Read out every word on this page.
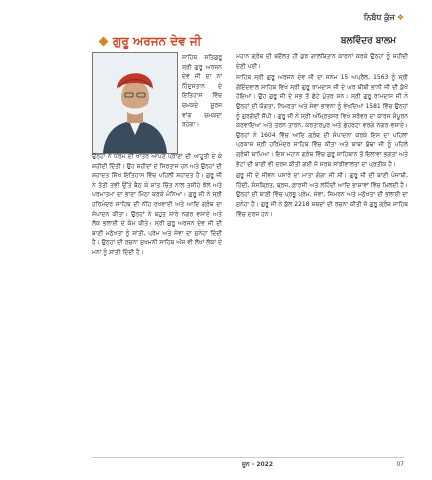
ਨਿਬੰਧ ਕੁੰਜ ❖
ਗੁਰੂ ਅਰਜਨ ਦੇਵ ਜੀ	ਬਲਵਿੰਦਰ ਬਾਲਮ

ਸਾਹਿਬ ਸਤਿਗੁਰੂ ਸ੍ਰੀ ਗੁਰੂ ਅਰਜਨ ਦੇਵ ਜੀ ਦਾ ਨਾਂ ਹਿੰਦੁਸਤਾਨ ਦੇ ਇਤਿਹਾਸ ਵਿੱਚ ਚਮਕਦੇ ਸੂਰਜ ਵਾਂਗ ਚਮਕਦਾ ਰਹੇਗਾ।

ਉਨ੍ਹਾਂ ਨੇ ਧਰਮ ਦੀ ਖਾਤਰ ਆਪਣੇ ਪ੍ਰਾਣਾਂ ਦੀ ਆਹੂਤੀ ਦੇ ਕੇ ਸ਼ਹੀਦੀ ਦਿੱਤੀ। ਉਹ ਸ਼ਹੀਦਾਂ ਦੇ ਸਿਰਤਾਜ ਹਨ ਅਤੇ ਉਨ੍ਹਾਂ ਦੀ ਸ਼ਹਾਦਤ ਸਿੱਖ ਇਤਿਹਾਸ ਵਿੱਚ ਪਹਿਲੀ ਸ਼ਹਾਦਤ ਹੈ। ਗੁਰੂ ਜੀ ਨੇ ਤੱਤੀ ਤਵੀ ਉੱਤੇ ਬੈਠ ਕੇ ਸ਼ਾਂਤ ਚਿੱਤ ਨਾਲ ਤਸੀਹੇ ਝੱਲੇ ਅਤੇ ਪਰਮਾਤਮਾ ਦਾ ਭਾਣਾ ਮਿੱਠਾ ਕਰਕੇ ਮੰਨਿਆ। ਗੁਰੂ ਜੀ ਨੇ ਸ੍ਰੀ ਹਰਿਮੰਦਰ ਸਾਹਿਬ ਦੀ ਨੀਂਹ ਰਖਵਾਈ ਅਤੇ ਆਦਿ ਗ੍ਰੰਥ ਦਾ ਸੰਪਾਦਨ ਕੀਤਾ। ਉਨ੍ਹਾਂ ਨੇ ਬਹੁਤ ਸਾਰੇ ਨਗਰ ਵਸਾਏ ਅਤੇ ਲੋਕ ਭਲਾਈ ਦੇ ਕੰਮ ਕੀਤੇ। ਸ੍ਰੀ ਗੁਰੂ ਅਰਜਨ ਦੇਵ ਜੀ ਦੀ ਬਾਣੀ ਮਨੁੱਖਤਾ ਨੂੰ ਸ਼ਾਂਤੀ, ਪ੍ਰੇਮ ਅਤੇ ਸੇਵਾ ਦਾ ਸੁਨੇਹਾ ਦਿੰਦੀ ਹੈ। ਉਨ੍ਹਾਂ ਦੀ ਰਚਨਾ ਸੁਖਮਨੀ ਸਾਹਿਬ ਅੱਜ ਵੀ ਲੱਖਾਂ ਲੋਕਾਂ ਦੇ ਮਨਾਂ ਨੂੰ ਸ਼ਾਂਤੀ ਦਿੰਦੀ ਹੈ।

ਮਹਾਨ ਗ੍ਰੰਥ ਦੀ ਬਦੌਲਤ ਹੀ ਕੁਝ ਗਾਲਬਿਤਾਨ ਕਾਰਨਾਂ ਕਰਕੇ ਉਨ੍ਹਾਂ ਨੂੰ ਸ਼ਹੀਦੀ ਦੇਣੀ ਪਈ।

ਸਾਹਿਬ ਸ੍ਰੀ ਗੁਰੂ ਅਰਜਨ ਦੇਵ ਜੀ ਦਾ ਜਨਮ 15 ਅਪ੍ਰੈਲ, 1563 ਨੂੰ ਸ੍ਰੀ ਗੋਇੰਦਵਾਲ ਸਾਹਿਬ ਵਿਖੇ ਸ੍ਰੀ ਗੁਰੂ ਰਾਮਦਾਸ ਜੀ ਦੇ ਘਰ ਬੀਬੀ ਭਾਨੀ ਜੀ ਦੀ ਕੁੱਖੋਂ ਹੋਇਆ। ਉਹ ਗੁਰੂ ਜੀ ਦੇ ਸਭ ਤੋਂ ਛੋਟੇ ਪੁੱਤਰ ਸਨ। ਸ੍ਰੀ ਗੁਰੂ ਰਾਮਦਾਸ ਜੀ ਨੇ ਉਨ੍ਹਾਂ ਦੀ ਯੋਗਤਾ, ਨਿਮਰਤਾ ਅਤੇ ਸੇਵਾ ਭਾਵਨਾ ਨੂੰ ਵੇਖਦਿਆਂ 1581 ਵਿੱਚ ਉਨ੍ਹਾਂ ਨੂੰ ਗੁਰਗੱਦੀ ਸੌਂਪੀ। ਗੁਰੂ ਜੀ ਨੇ ਸ੍ਰੀ ਅੰਮ੍ਰਿਤਸਰ ਵਿਖੇ ਸਰੋਵਰ ਦਾ ਕਾਰਜ ਸੰਪੂਰਨ ਕਰਵਾਇਆ ਅਤੇ ਤਰਨ ਤਾਰਨ, ਕਰਤਾਰਪੁਰ ਅਤੇ ਛੇਹਰਟਾ ਵਰਗੇ ਨਗਰ ਵਸਾਏ। ਉਨ੍ਹਾਂ ਨੇ 1604 ਵਿੱਚ ਆਦਿ ਗ੍ਰੰਥ ਦੀ ਸੰਪਾਦਨਾ ਕਰਕੇ ਇਸ ਦਾ ਪਹਿਲਾ ਪ੍ਰਕਾਸ਼ ਸ੍ਰੀ ਹਰਿਮੰਦਰ ਸਾਹਿਬ ਵਿੱਚ ਕੀਤਾ ਅਤੇ ਬਾਬਾ ਬੁੱਢਾ ਜੀ ਨੂੰ ਪਹਿਲੇ ਗ੍ਰੰਥੀ ਥਾਪਿਆ। ਇਸ ਮਹਾਨ ਗ੍ਰੰਥ ਵਿੱਚ ਗੁਰੂ ਸਾਹਿਬਾਨ ਤੋਂ ਇਲਾਵਾ ਭਗਤਾਂ ਅਤੇ ਭੱਟਾਂ ਦੀ ਬਾਣੀ ਵੀ ਦਰਜ ਕੀਤੀ ਗਈ ਜੋ ਸਰਬ ਸਾਂਝੀਵਾਲਤਾ ਦਾ ਪ੍ਰਤੀਕ ਹੈ।

ਗੁਰੂ ਜੀ ਦੇ ਜੀਵਨ ਪਸਾਰੇ ਦਾ ਮਾਤਾ ਗੰਗਾ ਜੀ ਸੀ। ਗੁਰੂ ਜੀ ਦੀ ਬਾਣੀ ਪੰਜਾਬੀ, ਹਿੰਦੀ, ਸੰਸਕ੍ਰਿਤ, ਬ੍ਰਜ, ਫ਼ਾਰਸੀ ਅਤੇ ਲਹਿੰਦੀ ਆਦਿ ਭਾਸ਼ਾਵਾਂ ਵਿੱਚ ਮਿਲਦੀ ਹੈ। ਉਨ੍ਹਾਂ ਦੀ ਬਾਣੀ ਵਿੱਚ ਪ੍ਰਭੂ ਪ੍ਰੇਮ, ਸੇਵਾ, ਸਿਮਰਨ ਅਤੇ ਮਨੁੱਖਤਾ ਦੀ ਭਲਾਈ ਦਾ ਸੁਨੇਹਾ ਹੈ। ਗੁਰੂ ਜੀ ਨੇ ਕੁੱਲ 2218 ਸ਼ਬਦਾਂ ਦੀ ਰਚਨਾ ਕੀਤੀ ਜੋ ਗੁਰੂ ਗ੍ਰੰਥ ਸਾਹਿਬ ਵਿੱਚ ਦਰਜ ਹਨ।

ਜੂਨ - 2022	07
